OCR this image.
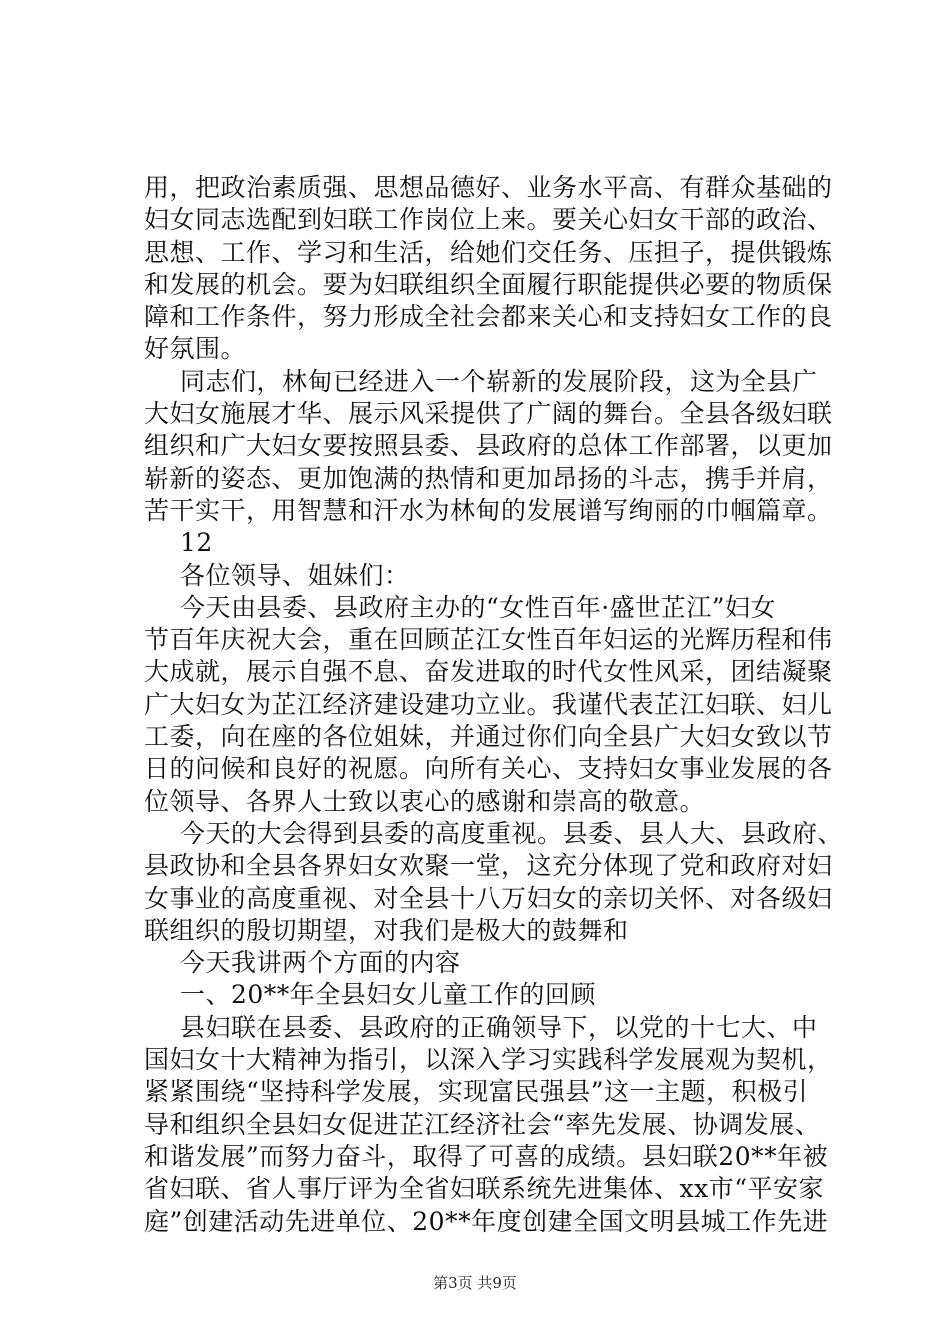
用，把政治素质强、思想品德好、业务水平高、有群众基础的
妇女同志选配到妇联工作岗位上来。要关心妇女干部的政治、
思想、工作、学习和生活，给她们交任务、压担子，提供锻炼
和发展的机会。要为妇联组织全面履行职能提供必要的物质保
障和工作条件，努力形成全社会都来关心和支持妇女工作的良
好氛围。
同志们，林甸已经进入一个崭新的发展阶段，这为全县广
大妇女施展才华、展示风采提供了广阔的舞台。全县各级妇联
组织和广大妇女要按照县委、县政府的总体工作部署，以更加
崭新的姿态、更加饱满的热情和更加昂扬的斗志，携手并肩，
苦干实干，用智慧和汗水为林甸的发展谱写绚丽的巾帼篇章。
12
各位领导、姐妹们：
今天由县委、县政府主办的“女性百年·盛世芷江”妇女
节百年庆祝大会，重在回顾芷江女性百年妇运的光辉历程和伟
大成就，展示自强不息、奋发进取的时代女性风采，团结凝聚
广大妇女为芷江经济建设建功立业。我谨代表芷江妇联、妇儿
工委，向在座的各位姐妹，并通过你们向全县广大妇女致以节
日的问候和良好的祝愿。向所有关心、支持妇女事业发展的各
位领导、各界人士致以衷心的感谢和崇高的敬意。
今天的大会得到县委的高度重视。县委、县人大、县政府、
县政协和全县各界妇女欢聚一堂，这充分体现了党和政府对妇
女事业的高度重视、对全县十八万妇女的亲切关怀、对各级妇
联组织的殷切期望，对我们是极大的鼓舞和
今天我讲两个方面的内容
一、20**年全县妇女儿童工作的回顾
县妇联在县委、县政府的正确领导下，以党的十七大、中
国妇女十大精神为指引，以深入学习实践科学发展观为契机，
紧紧围绕“坚持科学发展，实现富民强县”这一主题，积极引
导和组织全县妇女促进芷江经济社会“率先发展、协调发展、
和谐发展”而努力奋斗，取得了可喜的成绩。县妇联20**年被
省妇联、省人事厅评为全省妇联系统先进集体、xx市“平安家
庭”创建活动先进单位、20**年度创建全国文明县城工作先进
第3页 共9页
